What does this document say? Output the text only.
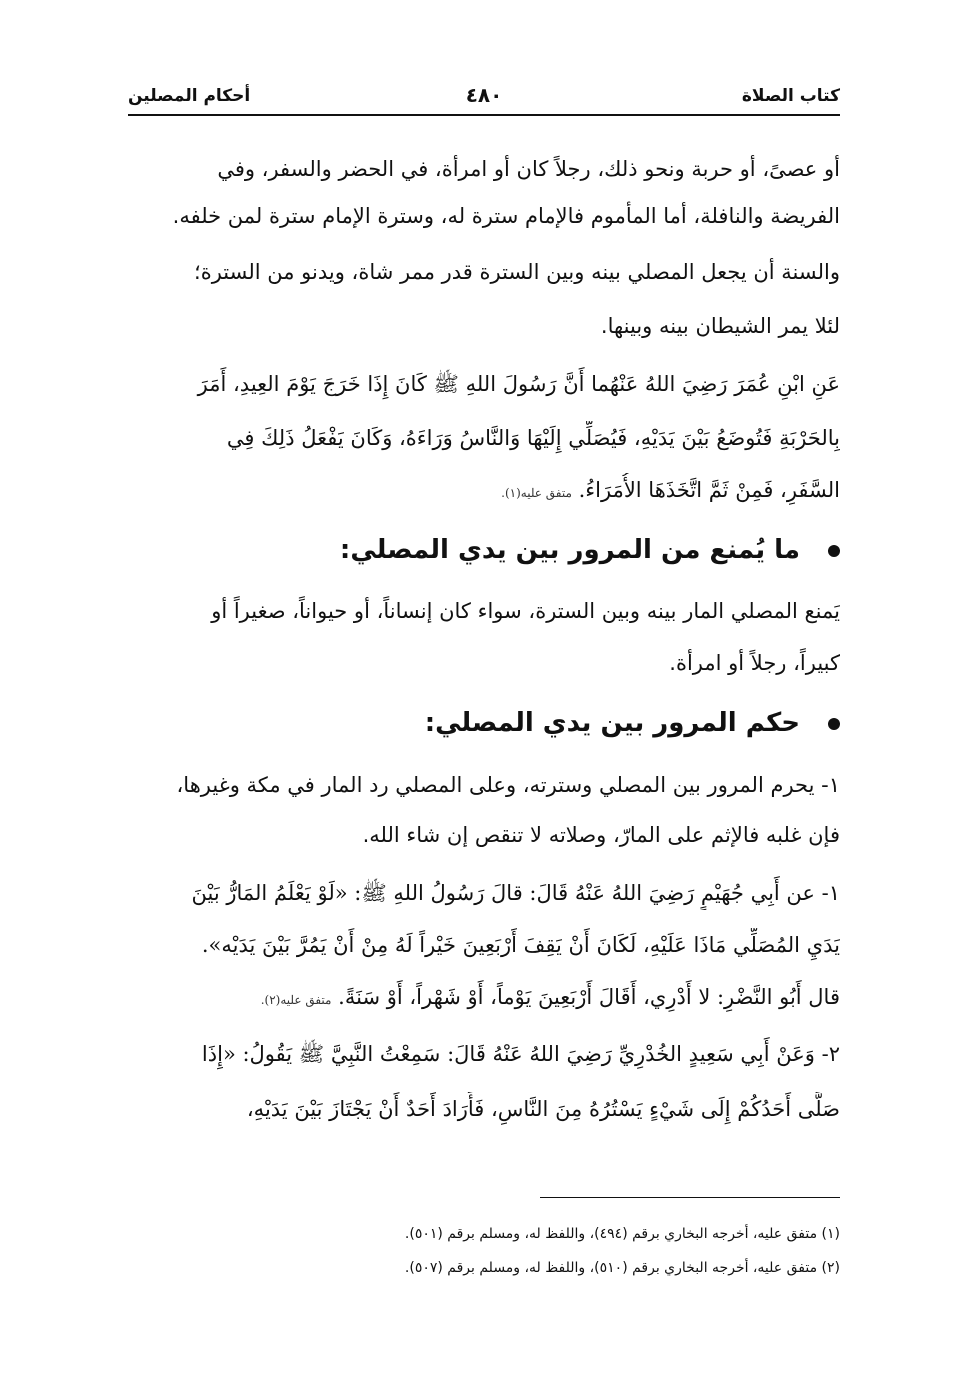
كتاب الصلاة
٤٨٠
أحكام المصلين
أو عصىً، أو حربة ونحو ذلك، رجلاً كان أو امرأة، في الحضر والسفر، وفي
الفريضة والنافلة، أما المأموم فالإمام سترة له، وسترة الإمام سترة لمن خلفه.
والسنة أن يجعل المصلي بينه وبين السترة قدر ممر شاة، ويدنو من السترة؛
لئلا يمر الشيطان بينه وبينها.
عَنِ ابْنِ عُمَرَ رَضِيَ اللهُ عَنْهُما أَنَّ رَسُولَ اللهِ ﷺ كَانَ إِذَا خَرَجَ يَوْمَ العِيدِ، أَمَرَ
بِالحَرْبَةِ فَتُوضَعُ بَيْنَ يَدَيْهِ، فَيُصَلِّي إِلَيْهَا وَالنَّاسُ وَرَاءَهُ، وَكَانَ يَفْعَلُ ذَلِكَ فِي
السَّفَرِ، فَمِنْ ثَمَّ اتَّخَذَهَا الأُمَرَاءُ. متفق عليه(١).
ما يُمنع من المرور بين يدي المصلي:
يَمنع المصلي المار بينه وبين السترة، سواء كان إنساناً، أو حيواناً، صغيراً أو
كبيراً، رجلاً أو امرأة.
حكم المرور بين يدي المصلي:
١- يحرم المرور بين المصلي وسترته، وعلى المصلي رد المار في مكة وغيرها،
فإن غلبه فالإثم على المارّ، وصلاته لا تنقص إن شاء الله.
١- عن أَبِي جُهَيْمٍ رَضِيَ اللهُ عَنْهُ قَالَ: قالَ رَسُولُ اللهِ ﷺ: «لَوْ يَعْلَمُ المَارُّ بَيْنَ
يَدَيِ المُصَلِّي مَاذَا عَلَيْهِ، لَكَانَ أَنْ يَقِفَ أَرْبَعِينَ خَيْراً لَهُ مِنْ أَنْ يَمُرَّ بَيْنَ يَدَيْه».
قال أَبُو النَّضْرِ: لا أَدْرِي، أَقَالَ أَرْبَعِينَ يَوْماً، أَوْ شَهْراً، أَوْ سَنَةً. متفق عليه(٢).
٢- وَعَنْ أَبِي سَعِيدٍ الخُدْرِيِّ رَضِيَ اللهُ عَنْهُ قَالَ: سَمِعْتُ النَّبِيَّ ﷺ يَقُولُ: «إِذَا
صَلَّى أَحَدُكُمْ إِلَى شَيْءٍ يَسْتُرُهُ مِنَ النَّاسِ، فَأَرَادَ أَحَدٌ أَنْ يَجْتَازَ بَيْنَ يَدَيْهِ،
(١) متفق عليه، أخرجه البخاري برقم (٤٩٤)، واللفظ له، ومسلم برقم (٥٠١).
(٢) متفق عليه، أخرجه البخاري برقم (٥١٠)، واللفظ له، ومسلم برقم (٥٠٧).
